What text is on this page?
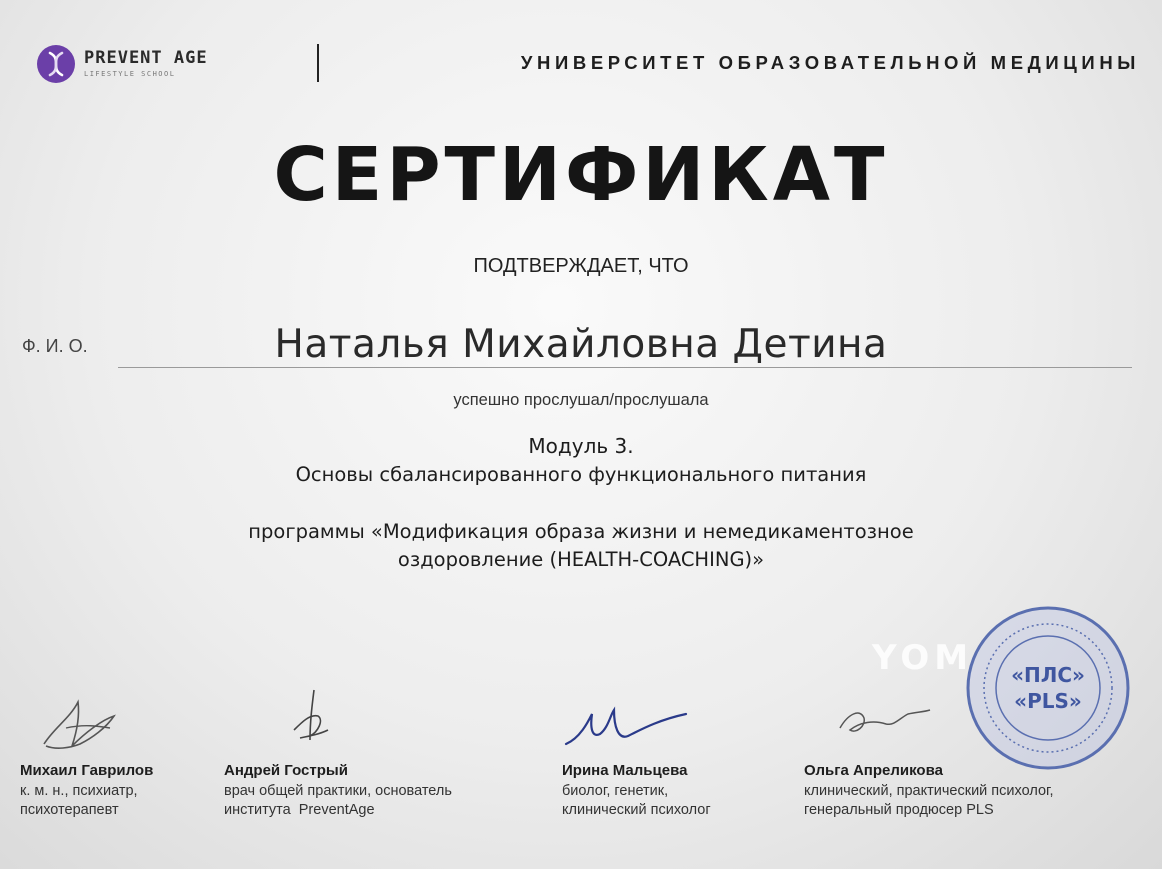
PREVENT AGE
LIFESTYLE SCHOOL
УНИВЕРСИТЕТ ОБРАЗОВАТЕЛЬНОЙ МЕДИЦИНЫ
СЕРТИФИКАТ
ПОДТВЕРЖДАЕТ, ЧТО
Ф. И. О.	Наталья Михайловна Детина
успешно прослушал/прослушала
Модуль 3.
Основы сбалансированного функционального питания
программы «Модификация образа жизни и немедикаментозное
оздоровление (HEALTH-COACHING)»
YOM «ПЛС»
«PLS»
Михаил Гаврилов
к. м. н., психиатр,
психотерапевт
Андрей Гострый
врач общей практики, основатель
института  PreventAge
Ирина Мальцева
биолог, генетик,
клинический психолог
Ольга Апреликова
клинический, практический психолог,
генеральный продюсер PLS
